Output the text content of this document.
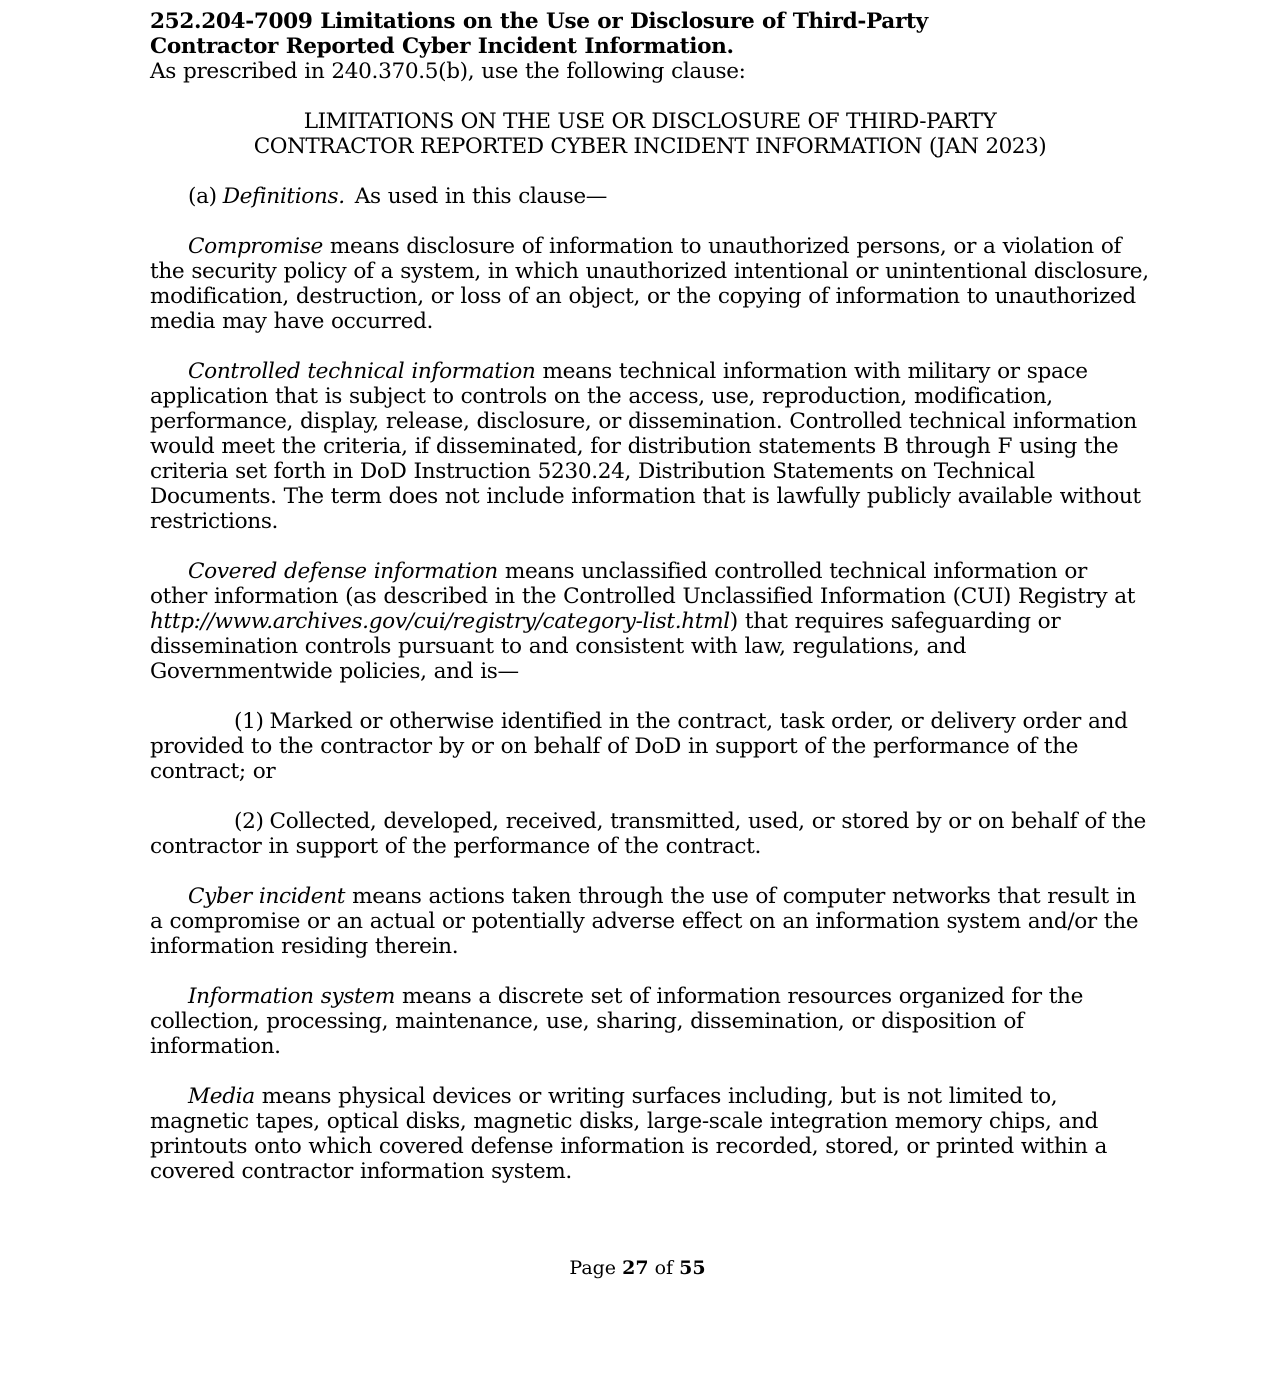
252.204-7009 Limitations on the Use or Disclosure of Third-Party
Contractor Reported Cyber Incident Information.

As prescribed in 240.370.5(b), use the following clause:

LIMITATIONS ON THE USE OR DISCLOSURE OF THIRD-PARTY
CONTRACTOR REPORTED CYBER INCIDENT INFORMATION (JAN 2023)

(a) Definitions. As used in this clause—

Compromise means disclosure of information to unauthorized persons, or a violation of the security policy of a system, in which unauthorized intentional or unintentional disclosure, modification, destruction, or loss of an object, or the copying of information to unauthorized media may have occurred.

Controlled technical information means technical information with military or space application that is subject to controls on the access, use, reproduction, modification, performance, display, release, disclosure, or dissemination. Controlled technical information would meet the criteria, if disseminated, for distribution statements B through F using the criteria set forth in DoD Instruction 5230.24, Distribution Statements on Technical Documents. The term does not include information that is lawfully publicly available without restrictions.

Covered defense information means unclassified controlled technical information or other information (as described in the Controlled Unclassified Information (CUI) Registry at http://www.archives.gov/cui/registry/category-list.html) that requires safeguarding or dissemination controls pursuant to and consistent with law, regulations, and Governmentwide policies, and is—

(1) Marked or otherwise identified in the contract, task order, or delivery order and provided to the contractor by or on behalf of DoD in support of the performance of the contract; or

(2) Collected, developed, received, transmitted, used, or stored by or on behalf of the contractor in support of the performance of the contract.

Cyber incident means actions taken through the use of computer networks that result in a compromise or an actual or potentially adverse effect on an information system and/or the information residing therein.

Information system means a discrete set of information resources organized for the collection, processing, maintenance, use, sharing, dissemination, or disposition of information.

Media means physical devices or writing surfaces including, but is not limited to, magnetic tapes, optical disks, magnetic disks, large-scale integration memory chips, and printouts onto which covered defense information is recorded, stored, or printed within a covered contractor information system.

Page 27 of 55
